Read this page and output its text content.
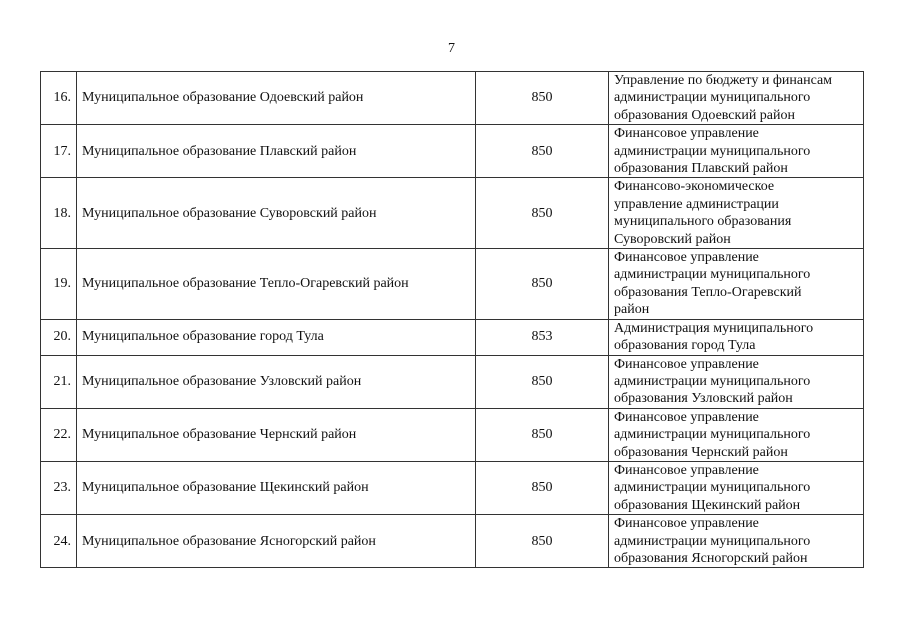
7
16.	Муниципальное образование Одоевский район	850	Управление по бюджету и финансам
администрации муниципального
образования Одоевский район

17.	Муниципальное образование Плавский район	850	Финансовое управление
администрации муниципального
образования Плавский район

18.	Муниципальное образование Суворовский район	850	Финансово-экономическое
управление администрации
муниципального образования
Суворовский район

19.	Муниципальное образование Тепло-Огаревский район	850	Финансовое управление
администрации муниципального
образования Тепло-Огаревский
район

20.	Муниципальное образование город Тула	853	Администрация муниципального
образования город Тула

21.	Муниципальное образование Узловский район	850	Финансовое управление
администрации муниципального
образования Узловский район

22.	Муниципальное образование Чернский район	850	Финансовое управление
администрации муниципального
образования Чернский район

23.	Муниципальное образование Щекинский район	850	Финансовое управление
администрации муниципального
образования Щекинский район

24.	Муниципальное образование Ясногорский район	850	Финансовое управление
администрации муниципального
образования Ясногорский район
